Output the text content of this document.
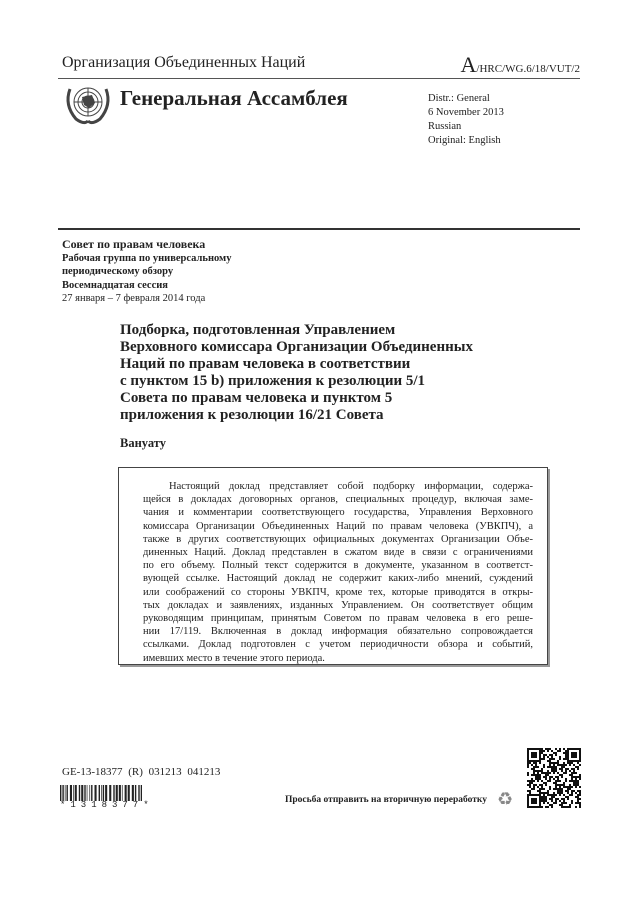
Организация Объединенных Наций	A/HRC/WG.6/18/VUT/2
Генеральная Ассамблея	Distr.: General
6 November 2013
Russian
Original: English
Совет по правам человека
Рабочая группа по универсальному
периодическому обзору
Восемнадцатая сессия
27 января – 7 февраля 2014 года
Подборка, подготовленная Управлением
Верховного комиссара Организации Объединенных
Наций по правам человека в соответствии
с пунктом 15 b) приложения к резолюции 5/1
Совета по правам человека и пунктом 5
приложения к резолюции 16/21 Совета
Вануату
Настоящий доклад представляет собой подборку информации, содержа-
щейся в докладах договорных органов, специальных процедур, включая заме-
чания и комментарии соответствующего государства, Управления Верховного
комиссара Организации Объединенных Наций по правам человека (УВКПЧ), а
также в других соответствующих официальных документах Организации Объе-
диненных Наций. Доклад представлен в сжатом виде в связи с ограничениями
по его объему. Полный текст содержится в документе, указанном в соответст-
вующей ссылке. Настоящий доклад не содержит каких-либо мнений, суждений
или соображений со стороны УВКПЧ, кроме тех, которые приводятся в откры-
тых докладах и заявлениях, изданных Управлением. Он соответствует общим
руководящим принципам, принятым Советом по правам человека в его реше-
нии 17/119. Включенная в доклад информация обязательно сопровождается
ссылками. Доклад подготовлен с учетом периодичности обзора и событий,
имевших место в течение этого периода.
GE-13-18377 (R) 031213 041213
*1318377*	Просьба отправить на вторичную переработку ♻
